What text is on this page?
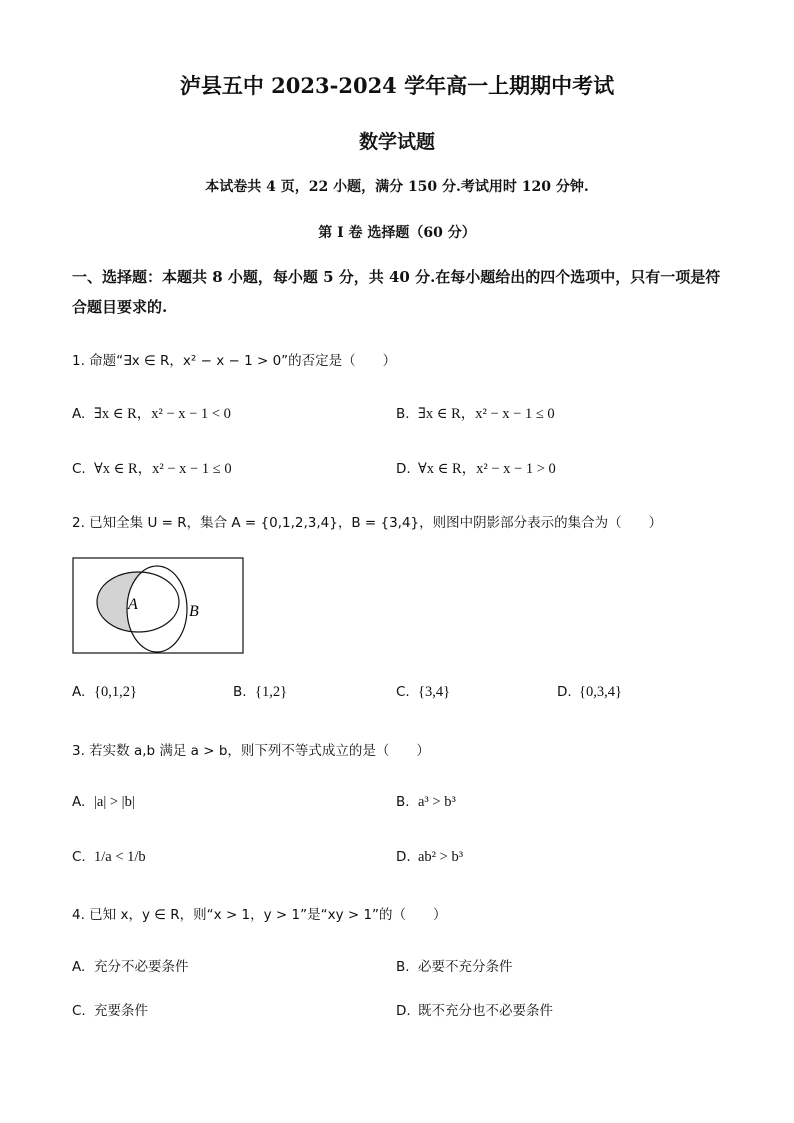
泸县五中 2023-2024 学年高一上期期中考试
数学试题
本试卷共 4 页，22 小题，满分 150 分.考试用时 120 分钟.
第 I 卷 选择题（60 分）
一、选择题：本题共 8 小题，每小题 5 分，共 40 分.在每小题给出的四个选项中，只有一项是符合题目要求的.
1. 命题“∃x ∈ R，x² − x − 1 > 0”的否定是（　　）
A. ∃x ∈ R，x² − x − 1 < 0	B. ∃x ∈ R，x² − x − 1 ≤ 0
C. ∀x ∈ R，x² − x − 1 ≤ 0	D. ∀x ∈ R，x² − x − 1 > 0
2. 已知全集 U = R，集合 A = {0,1,2,3,4}，B = {3,4}，则图中阴影部分表示的集合为（　　）
A	B
A. {0,1,2}	B. {1,2}	C. {3,4}	D. {0,3,4}
3. 若实数 a,b 满足 a > b，则下列不等式成立的是（　　）
A. |a| > |b|	B. a³ > b³
C. 1/a < 1/b	D. ab² > b³
4. 已知 x，y ∈ R，则“x > 1，y > 1”是“xy > 1”的（　　）
A. 充分不必要条件	B. 必要不充分条件
C. 充要条件	D. 既不充分也不必要条件
